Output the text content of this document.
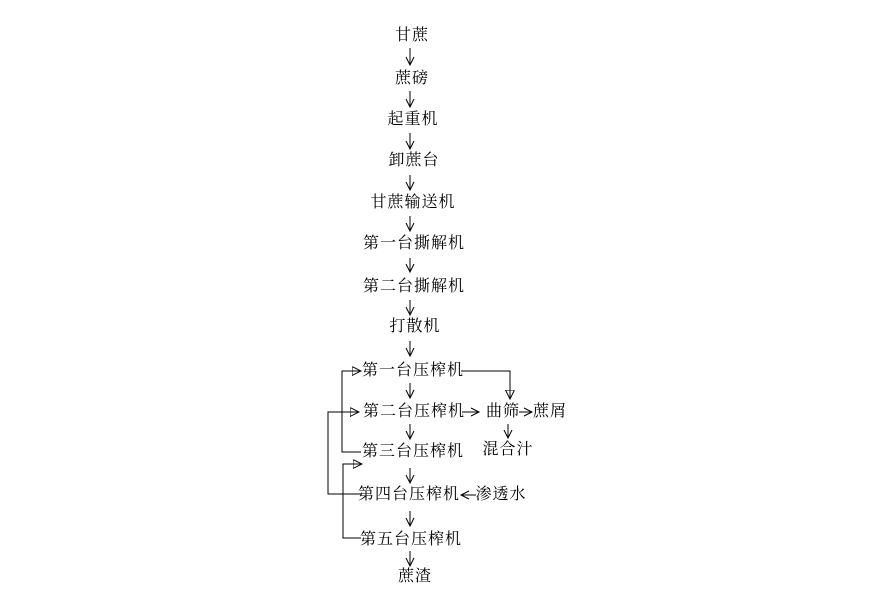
甘蔗
蔗磅
起重机
卸蔗台
甘蔗输送机
第一台撕解机
第二台撕解机
打散机
第一台压榨机
第二台压榨机
第三台压榨机
第四台压榨机
第五台压榨机
蔗渣
曲筛 蔗屑
混合汁
渗透水
